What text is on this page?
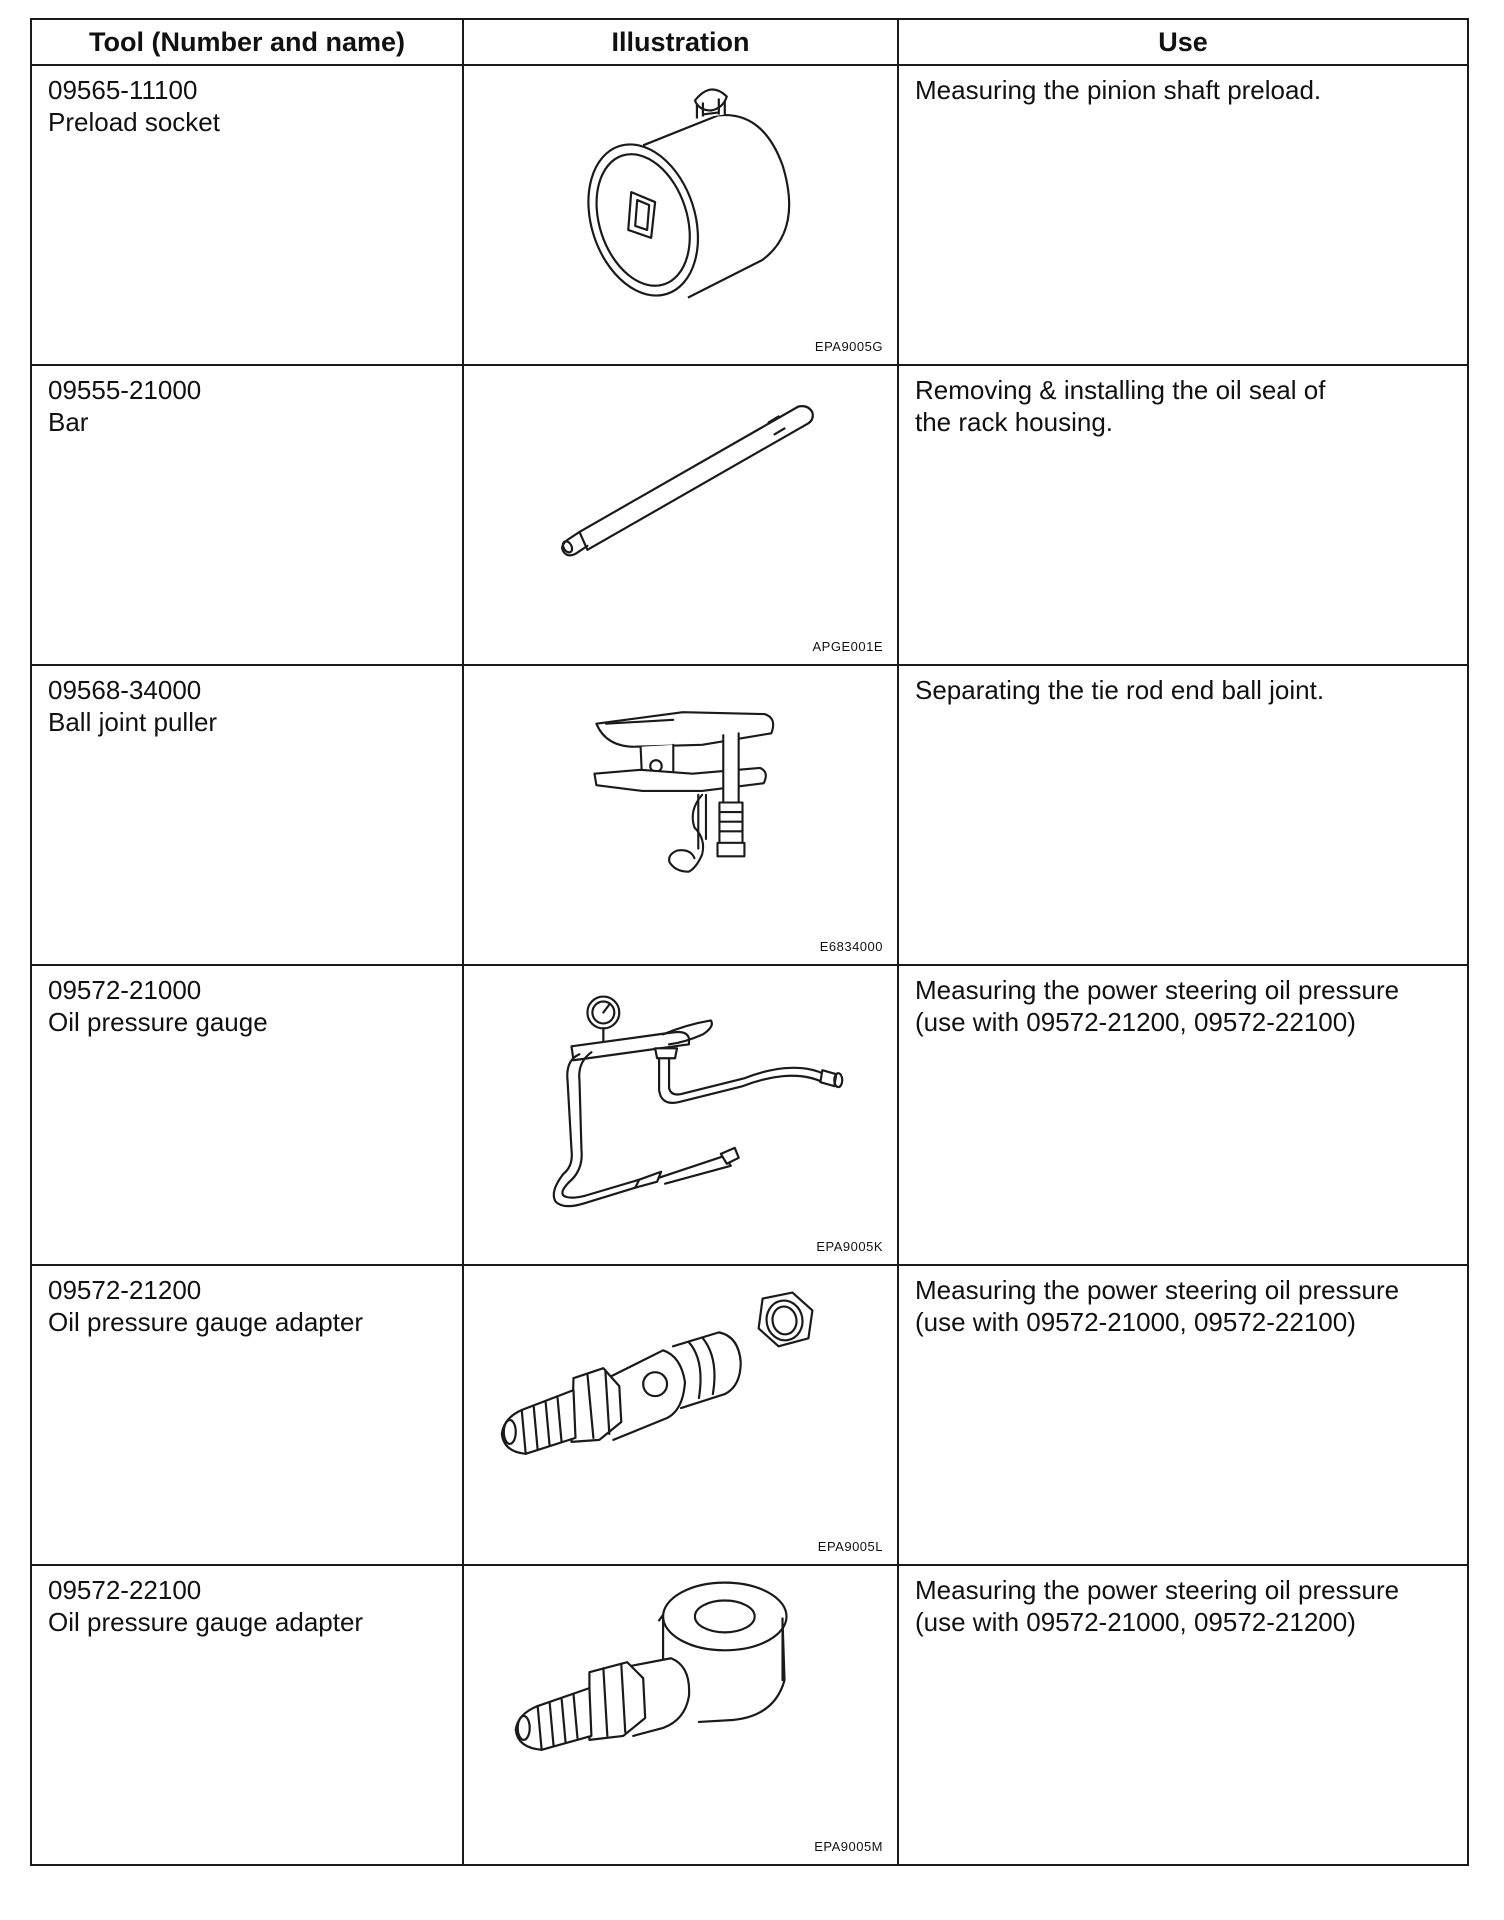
Tool (Number and name)	Illustration	Use

09565-11100
Preload socket	EPA9005G	Measuring the pinion shaft preload.

09555-21000
Bar	APGE001E	Removing & installing the oil seal of
the rack housing.

09568-34000
Ball joint puller	E6834000	Separating the tie rod end ball joint.

09572-21000
Oil pressure gauge	EPA9005K	Measuring the power steering oil pressure
(use with 09572-21200, 09572-22100)

09572-21200
Oil pressure gauge adapter	EPA9005L	Measuring the power steering oil pressure
(use with 09572-21000, 09572-22100)

09572-22100
Oil pressure gauge adapter	EPA9005M	Measuring the power steering oil pressure
(use with 09572-21000, 09572-21200)
